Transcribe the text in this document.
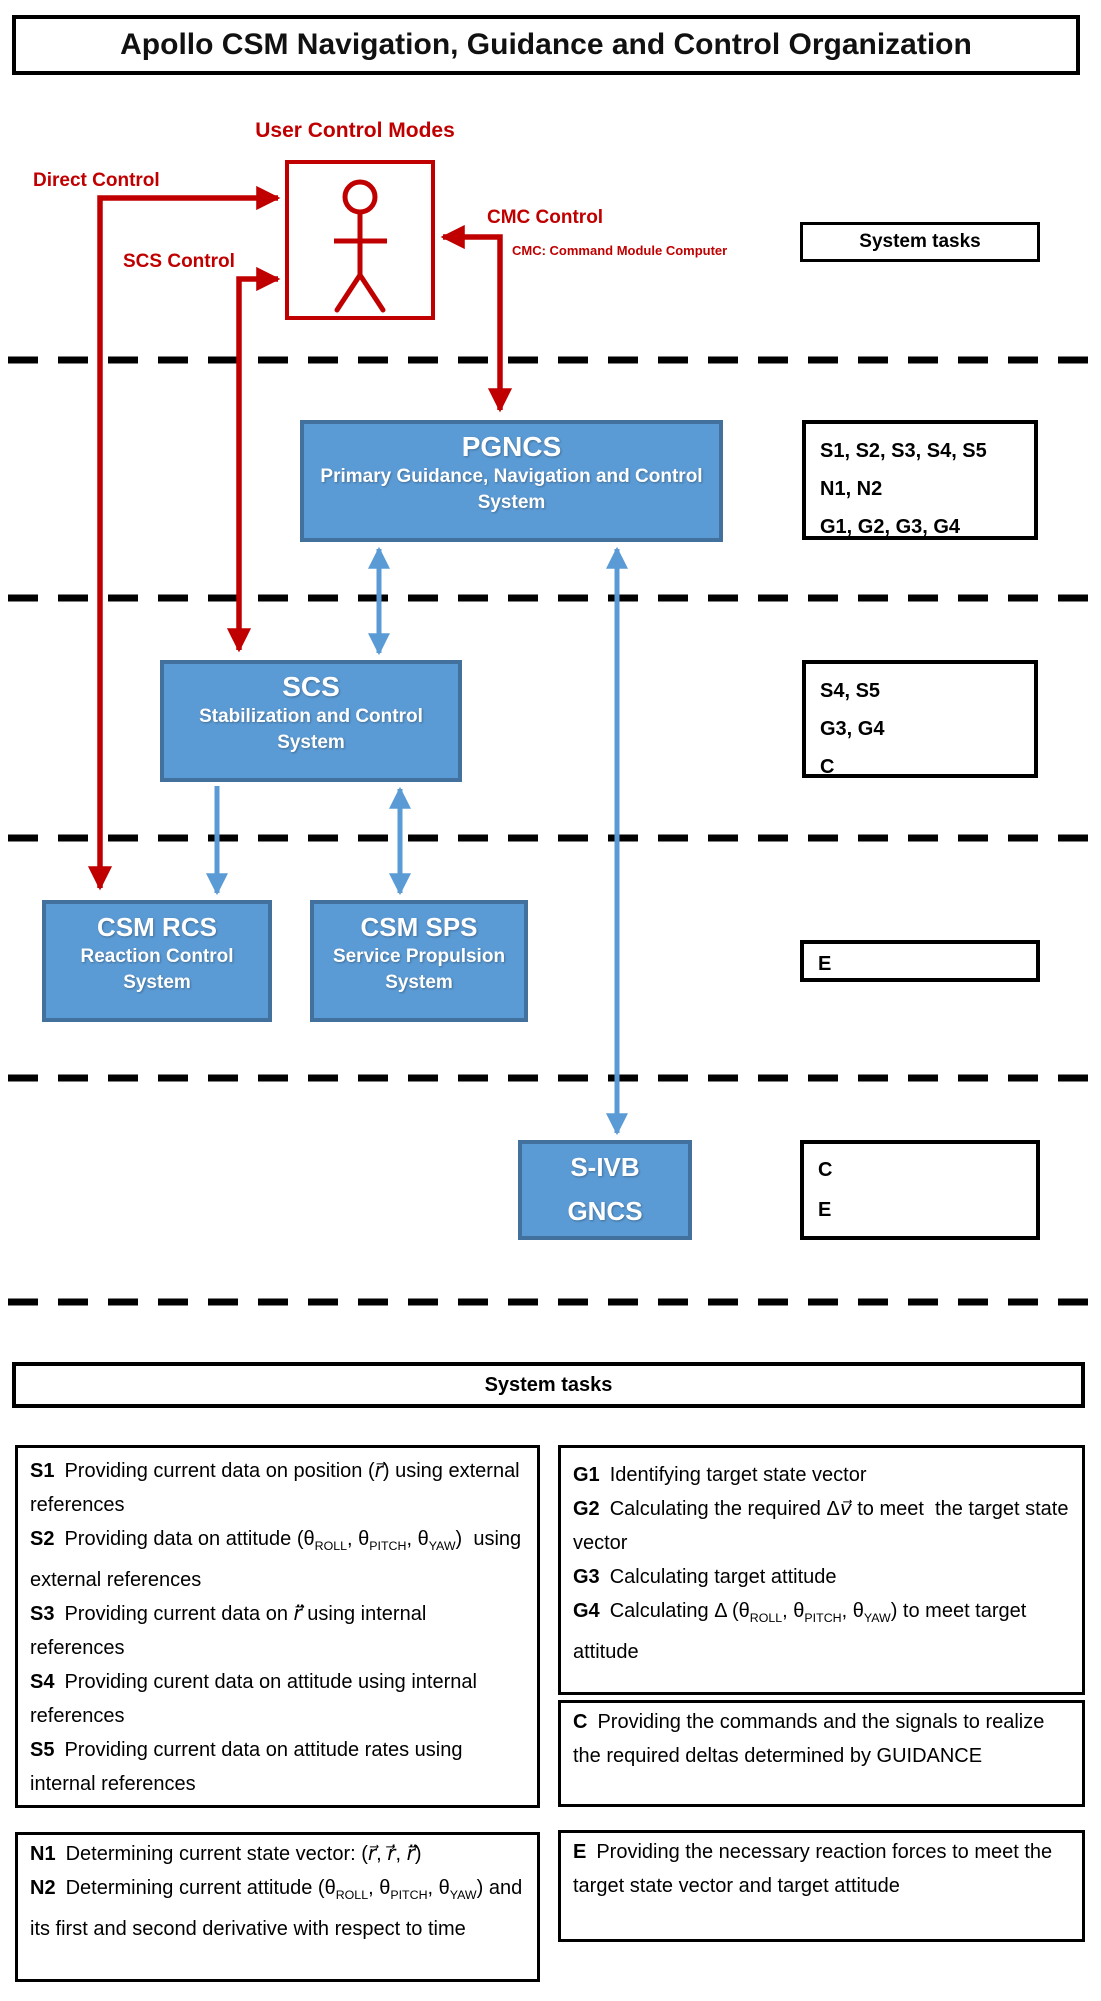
Apollo CSM Navigation, Guidance and Control Organization
User Control Modes
Direct Control
SCS Control
CMC Control
CMC: Command Module Computer	System tasks
S1, S2, S3, S4, S5
N1, N2
G1, G2, G3, G4
S4, S5
G3, G4
C
E
C
E
PGNCS
Primary Guidance, Navigation and Control System
SCS
Stabilization and Control System
CSM RCS
Reaction Control System
CSM SPS
Service Propulsion System
S-IVB
GNCS
System tasks

S1 Providing current data on position (r⃗) using external references

S2 Providing data on attitude ($\theta_{ROLL}$, $\theta_{PITCH}$, $\theta_{YAW}$)  using external references

S3 Providing current data on r̈⃗ using internal references

S4 Providing curent data on attitude using internal references

S5 Providing current data on attitude rates using internal references

G1 Identifying target state vector

G2 Calculating the required Δv⃗ to meet  the target state vector

G3 Calculating target attitude

G4 Calculating Δ ($\theta_{ROLL}$, $\theta_{PITCH}$, $\theta_{YAW}$) to meet target attitude

C Providing the commands and the signals to realize the required deltas determined by GUIDANCE

N1 Determining current state vector: (r⃗, ṙ⃗, r̈⃗)

N2 Determining current attitude ($\theta_{ROLL}$, $\theta_{PITCH}$, $\theta_{YAW}$) and its first and second derivative with respect to time

E Providing the necessary reaction forces to meet the target state vector and target attitude
